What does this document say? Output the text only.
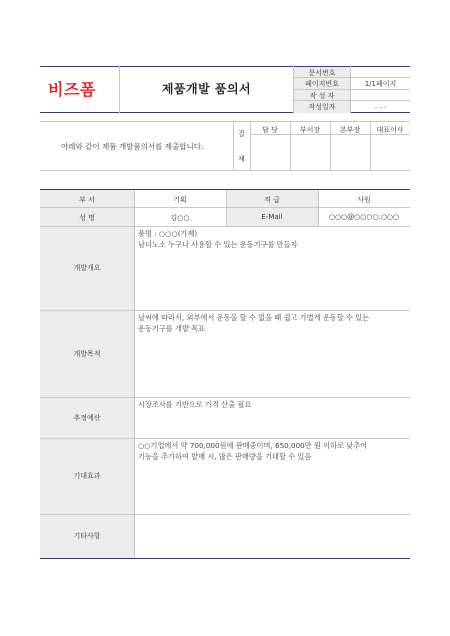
비즈폼	제품개발 품의서
문서번호
페이지번호	1/1페이지
작 성 자
작성일자	. . .
아래와 같이 제품 개발품의서를 제출합니다.
결
재
담 당	부서장	본부장	대표이사
부 서	기획	직 급	사원
성 명	김○○	E-Mail	○○○@○○○○.○○○
개발개요
품명 : ○○○(가제)
남녀노소 누구나 사용할 수 있는 운동기구를 만들자
개발목적
날씨에 따라서, 외부에서 운동을 할 수 없을 때 쉽고 가볍게 운동할 수 있는
운동기구를 개발 목표
추정예산
시장조사를 기반으로 가격 산출 필요
기대효과
○○기업에서 약 700,000원에 판매중이며, 650,000만 원 이하로 낮추어
기능을 추가하여 발매 시, 많은 판매량을 기대할 수 있음
기타사항
